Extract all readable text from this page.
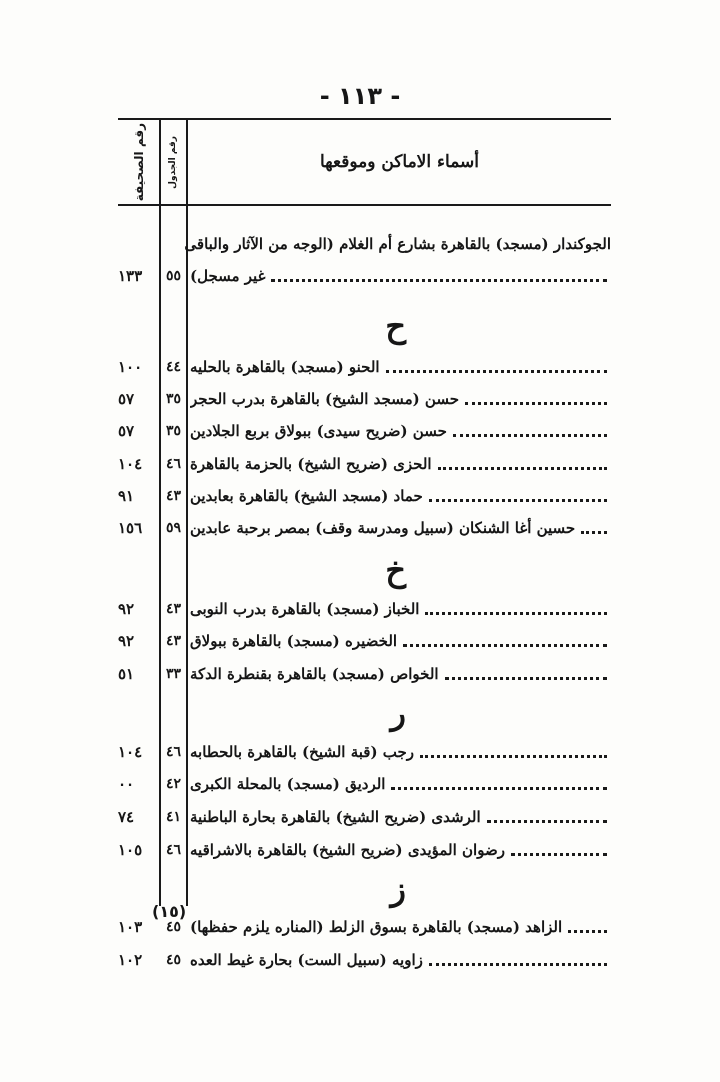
- ١١٣ -
رقم الصحيفة	رقم الجدول	أسماء الاماكن وموقعها
الجوكندار (مسجد) بالقاهرة بشارع أم الغلام (الوجه من الآثار والباقى
١٣٣	٥٥ غير مسجل)
ح
١٠٠	٤٤ الحنو (مسجد) بالقاهرة بالحليه
٥٧	٣٥ حسن (مسجد الشيخ) بالقاهرة بدرب الحجر
٥٧	٣٥ حسن (ضريح سيدى) ببولاق بربع الجلادين
١٠٤	٤٦ الحزى (ضريح الشيخ) بالحزمة بالقاهرة
٩١	٤٣ حماد (مسجد الشيخ) بالقاهرة بعابدين
١٥٦	٥٩ حسين أغا الشنكان (سبيل ومدرسة وقف) بمصر برحبة عابدين
خ
٩٢	٤٣ الخباز (مسجد) بالقاهرة بدرب النوبى
٩٢	٤٣ الخضيره (مسجد) بالقاهرة ببولاق
٥١	٣٣ الخواص (مسجد) بالقاهرة بقنطرة الدكة
ر
١٠٤	٤٦ رجب (قبة الشيخ) بالقاهرة بالحطابه
٠٠	٤٢ الرديق (مسجد) بالمحلة الكبرى
٧٤	٤١ الرشدى (ضريح الشيخ) بالقاهرة بحارة الباطنية
١٠٥	٤٦ رضوان المؤيدى (ضريح الشيخ) بالقاهرة بالاشراقيه
ز
١٠٣	٤٥ الزاهد (مسجد) بالقاهرة بسوق الزلط (المناره يلزم حفظها)
١٠٢	٤٥ زاويه (سبيل الست) بحارة غيط العده
(١٥)
